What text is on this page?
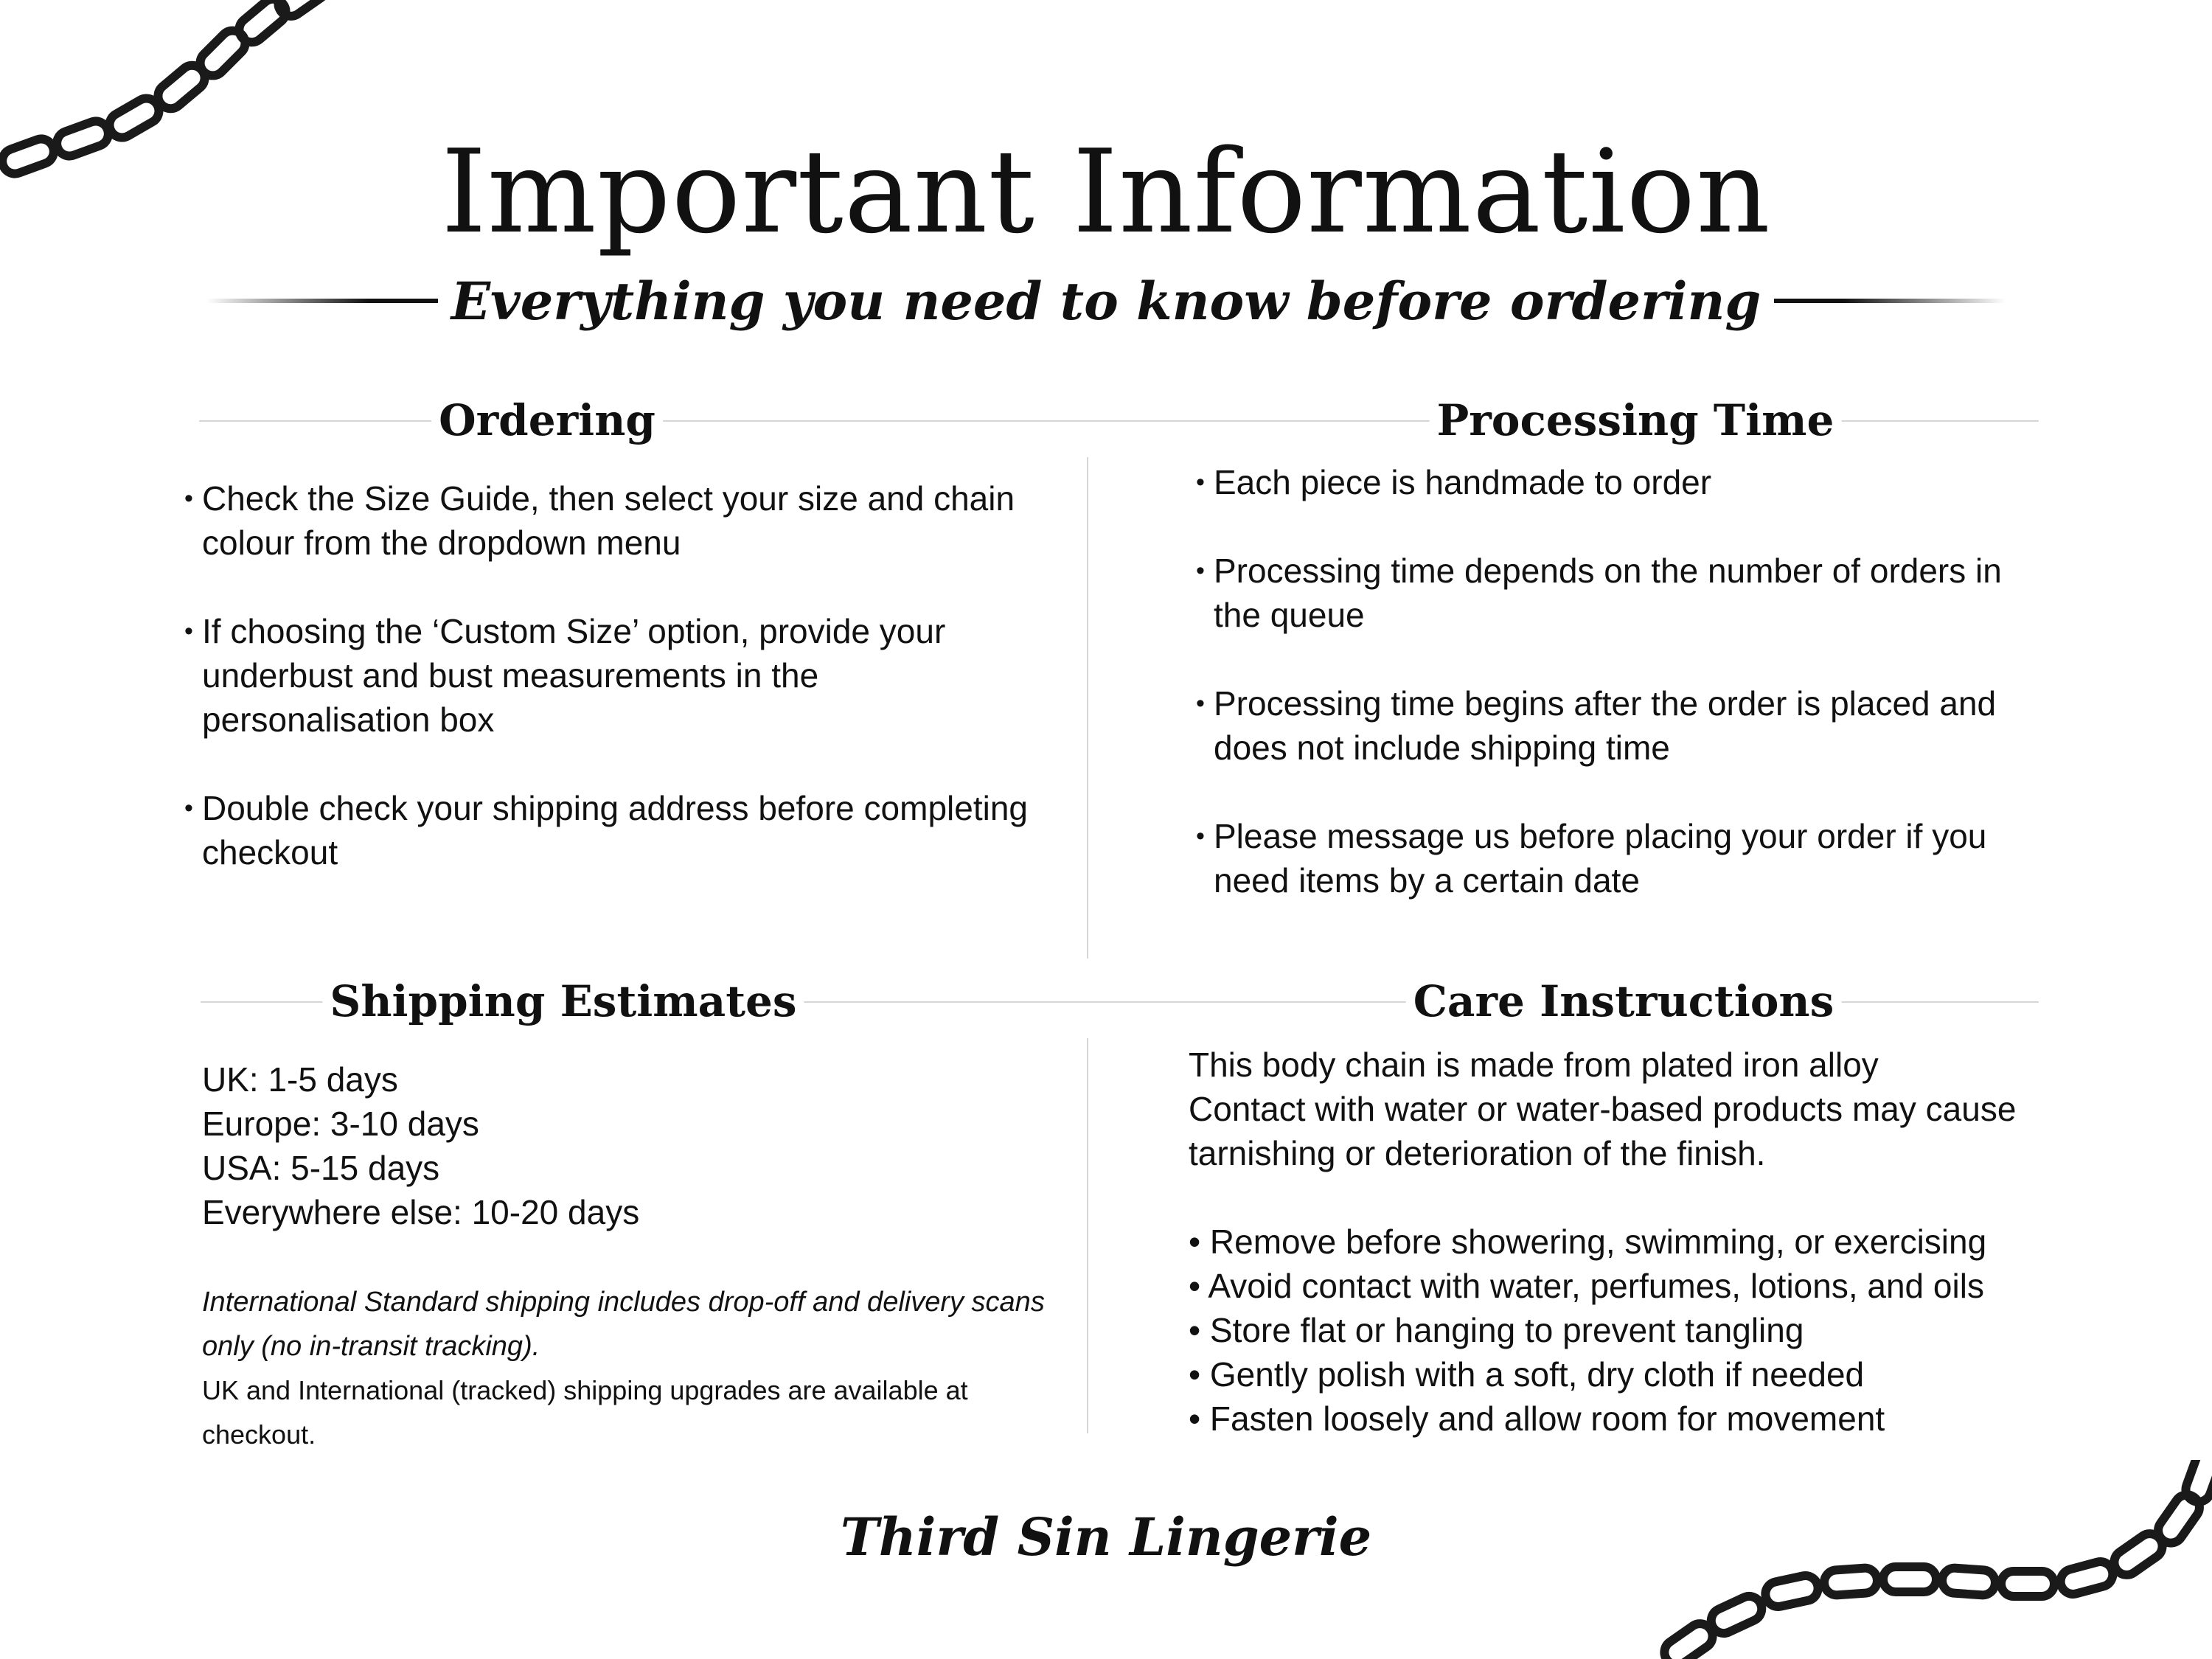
Important Information
Everything you need to know before ordering
Ordering	Processing Time
• Check the Size Guide, then select your size and chain colour from the dropdown menu
• If choosing the ‘Custom Size’ option, provide your underbust and bust measurements in the personalisation box
• Double check your shipping address before completing checkout
• Each piece is handmade to order
• Processing time depends on the number of orders in the queue
• Processing time begins after the order is placed and does not include shipping time
• Please message us before placing your order if you need items by a certain date
Shipping Estimates	Care Instructions
UK: 1-5 days
Europe: 3-10 days
USA: 5-15 days
Everywhere else: 10-20 days
International Standard shipping includes drop-off and delivery scans only (no in-transit tracking).
UK and International (tracked) shipping upgrades are available at checkout.
This body chain is made from plated iron alloy
Contact with water or water-based products may cause tarnishing or deterioration of the finish.
• Remove before showering, swimming, or exercising
• Avoid contact with water, perfumes, lotions, and oils
• Store flat or hanging to prevent tangling
• Gently polish with a soft, dry cloth if needed
• Fasten loosely and allow room for movement
Third Sin Lingerie
